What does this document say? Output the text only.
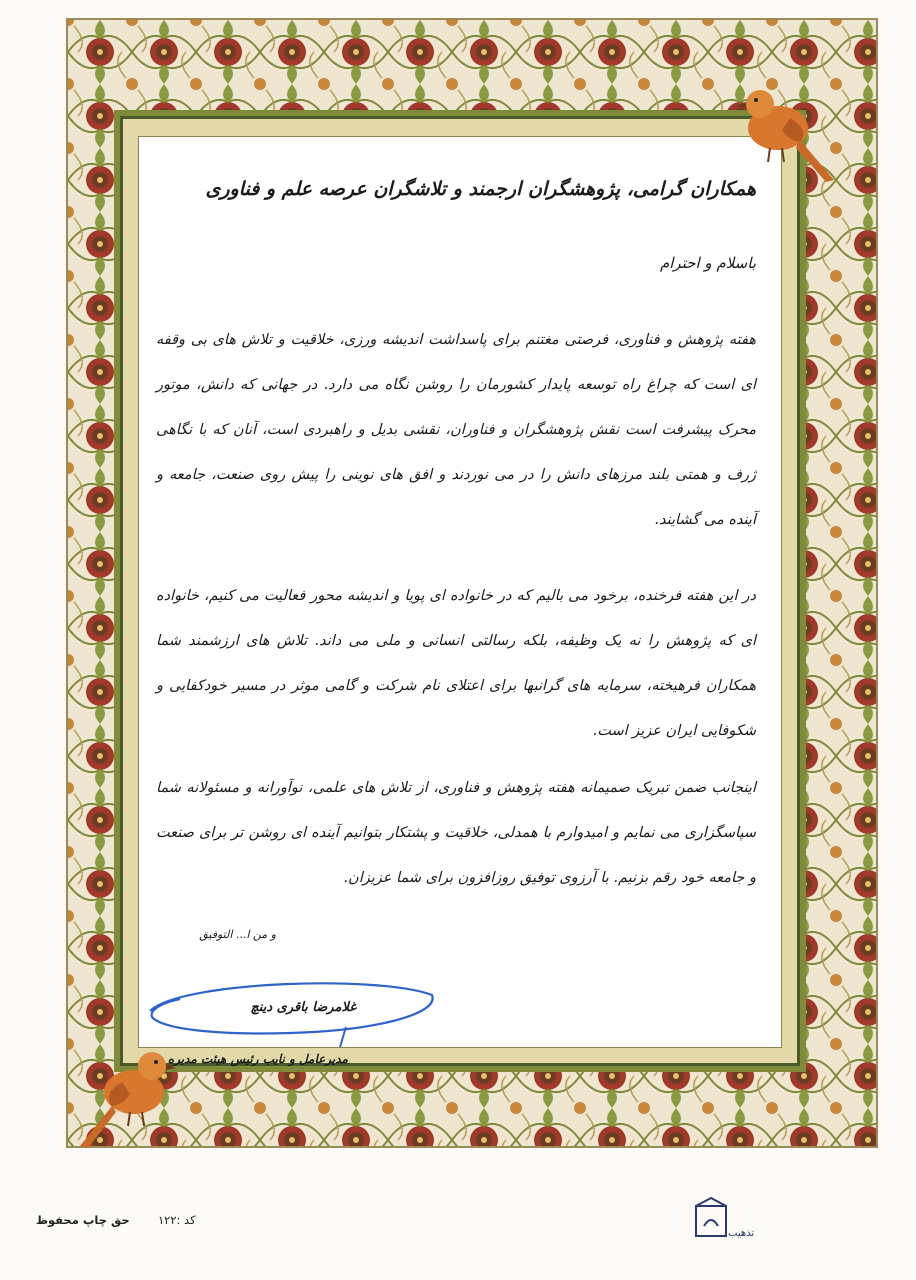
همکاران گرامی، پژوهشگران ارجمند و تلاشگران عرصه علم و فناوری
باسلام و احترام
هفته پژوهش و فناوری، فرصتی مغتنم برای پاسداشت اندیشه ورزی، خلاقیت و تلاش های بی وقفه ای است که چراغ راه توسعه پایدار کشورمان را روشن نگاه می دارد. در جهانی که دانش، موتور محرک پیشرفت است نقش پژوهشگران و فناوران، نقشی بدیل و راهبردی است، آنان که با نگاهی ژرف و همتی بلند مرزهای دانش را در می نوردند و افق های نوینی را پیش روی صنعت، جامعه و آینده می گشایند.
در این هفته فرخنده، برخود می بالیم که در خانواده ای پویا و اندیشه محور فعالیت می کنیم، خانواده ای که پژوهش را نه یک وظیفه، بلکه رسالتی انسانی و ملی می داند. تلاش های ارزشمند شما همکاران فرهیخته، سرمایه های گرانبها برای اعتلای نام شرکت و گامی موثر در مسیر خودکفایی و شکوفایی ایران عزیز است.
اینجانب ضمن تبریک صمیمانه هفته پژوهش و فناوری، از تلاش های علمی، نوآورانه و مسئولانه شما سپاسگزاری می نمایم و امیدوارم با همدلی، خلاقیت و پشتکار بتوانیم آینده ای روشن تر برای صنعت و جامعه خود رقم بزنیم. با آرزوی توفیق روزافزون برای شما عزیزان.
و من ا... التوفیق
غلامرضا باقری دینچ
مدیرعامل و نایب رئیس هیئت مدیره
حق چاپ محفوظ کد :۱۲۲
تذهیب
